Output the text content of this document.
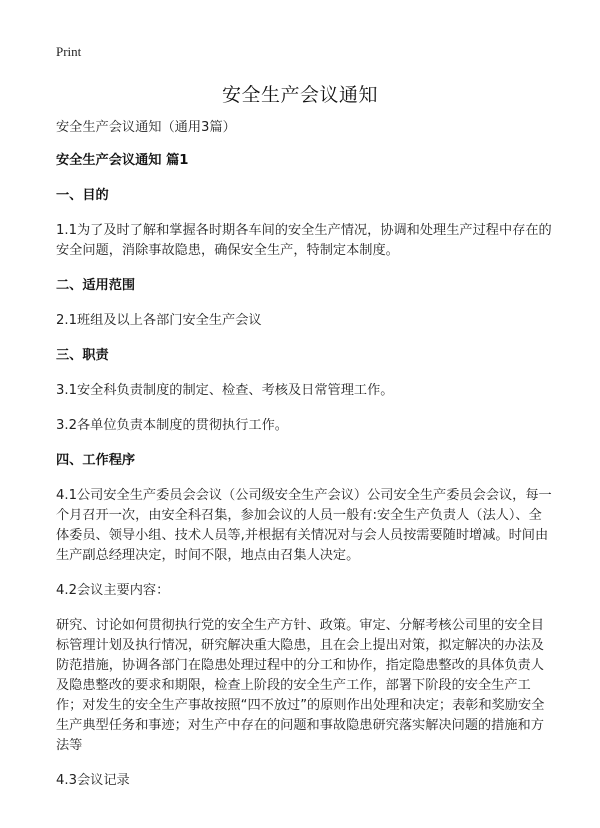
Print
安全生产会议通知

安全生产会议通知（通用3篇）

安全生产会议通知 篇1

一、目的

1.1为了及时了解和掌握各时期各车间的安全生产情况，协调和处理生产过程中存在的安全问题，消除事故隐患，确保安全生产，特制定本制度。

二、适用范围

2.1班组及以上各部门安全生产会议

三、职责

3.1安全科负责制度的制定、检查、考核及日常管理工作。

3.2各单位负责本制度的贯彻执行工作。

四、工作程序

4.1公司安全生产委员会会议（公司级安全生产会议）公司安全生产委员会会议，每一个月召开一次，由安全科召集，参加会议的人员一般有:安全生产负责人（法人）、全体委员、领导小组、技术人员等,并根据有关情况对与会人员按需要随时增减。时间由生产副总经理决定，时间不限，地点由召集人决定。

4.2会议主要内容：

研究、讨论如何贯彻执行党的安全生产方针、政策。审定、分解考核公司里的安全目标管理计划及执行情况，研究解决重大隐患，且在会上提出对策，拟定解决的办法及防范措施，协调各部门在隐患处理过程中的分工和协作，指定隐患整改的具体负责人及隐患整改的要求和期限，检查上阶段的安全生产工作，部署下阶段的安全生产工作；对发生的安全生产事故按照“四不放过”的原则作出处理和决定；表彰和奖励安全生产典型任务和事迹；对生产中存在的问题和事故隐患研究落实解决问题的措施和方法等

4.3会议记录
